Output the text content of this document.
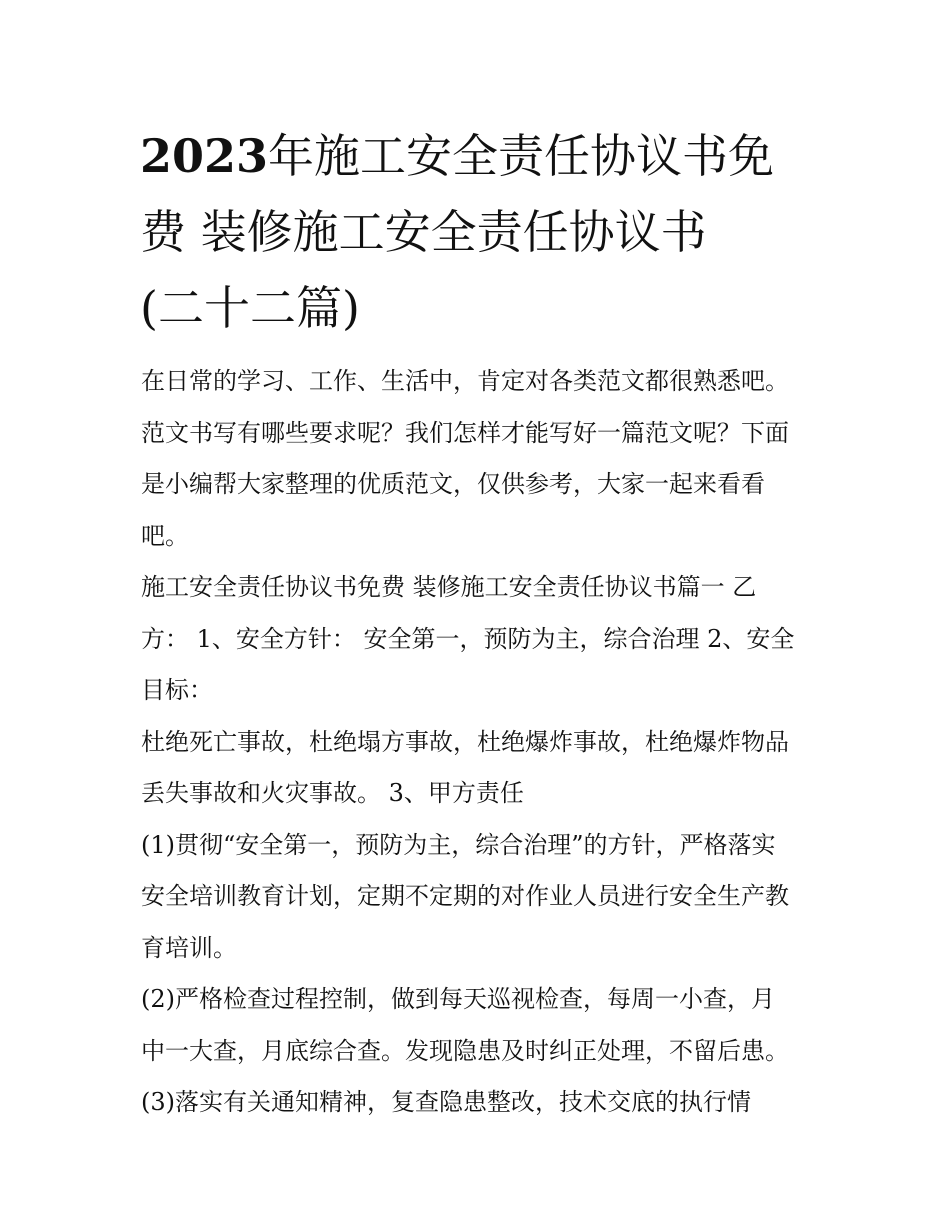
2023年施工安全责任协议书免
费 装修施工安全责任协议书
(二十二篇)
在日常的学习、工作、生活中，肯定对各类范文都很熟悉吧。
范文书写有哪些要求呢？我们怎样才能写好一篇范文呢？下面
是小编帮大家整理的优质范文，仅供参考，大家一起来看看
吧。
施工安全责任协议书免费 装修施工安全责任协议书篇一 乙
方： 1、安全方针： 安全第一，预防为主，综合治理 2、安全
目标：
杜绝死亡事故，杜绝塌方事故，杜绝爆炸事故，杜绝爆炸物品
丢失事故和火灾事故。 3、甲方责任
(1)贯彻“安全第一，预防为主，综合治理”的方针，严格落实
安全培训教育计划，定期不定期的对作业人员进行安全生产教
育培训。
(2)严格检查过程控制，做到每天巡视检查，每周一小查，月
中一大查，月底综合查。发现隐患及时纠正处理，不留后患。
(3)落实有关通知精神，复查隐患整改，技术交底的执行情
